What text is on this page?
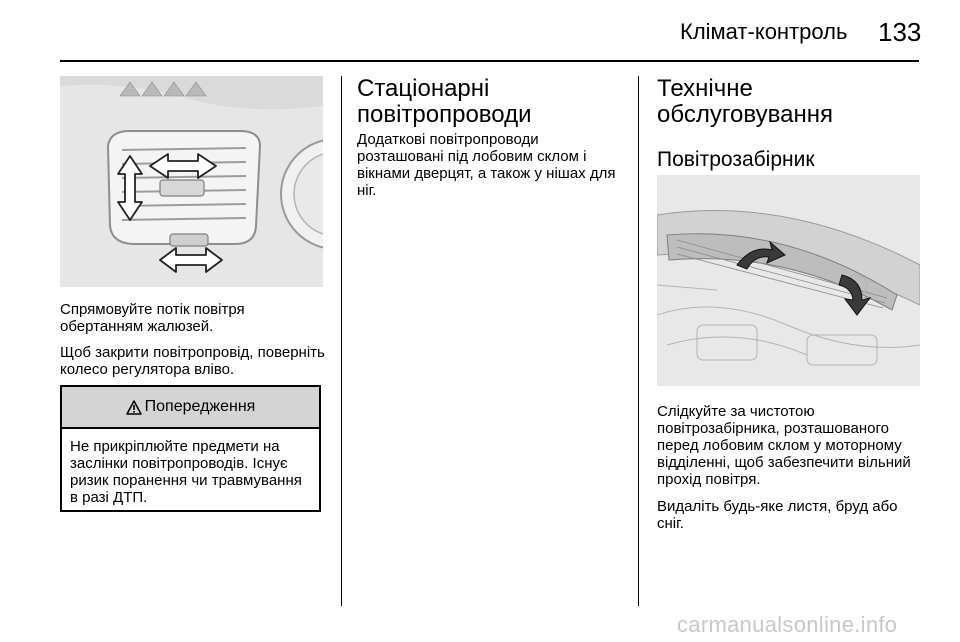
Клімат-контроль 133

Спрямовуйте потік повітря обертанням жалюзей.

Щоб закрити повітропровід, поверніть колесо регулятора вліво.

Попередження
Не прикріплюйте предмети на заслінки повітропроводів. Існує ризик поранення чи травмування в разі ДТП.
Стаціонарні повітропроводи

Додаткові повітропроводи розташовані під лобовим склом і вікнами дверцят, а також у нішах для ніг.

Технічне обслуговування
Повітрозабірник

Слідкуйте за чистотою повітрозабірника, розташованого перед лобовим склом у моторному відділенні, щоб забезпечити вільний прохід повітря.

Видаліть будь-яке листя, бруд або сніг.

carmanualsonline.info
